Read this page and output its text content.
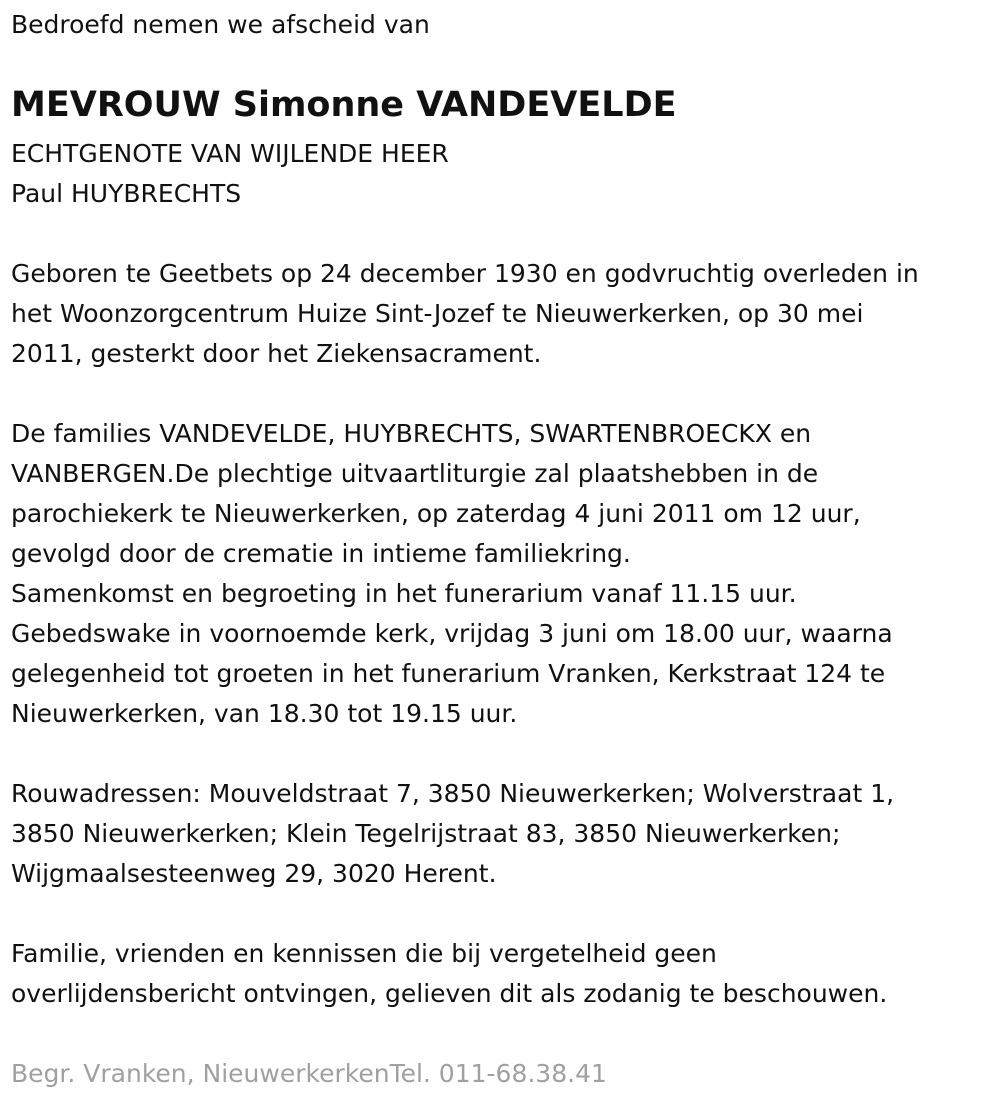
Bedroefd nemen we afscheid van
MEVROUW Simonne VANDEVELDE
ECHTGENOTE VAN WIJLENDE HEER
Paul HUYBRECHTS
Geboren te Geetbets op 24 december 1930 en godvruchtig overleden in
het Woonzorgcentrum Huize Sint-Jozef te Nieuwerkerken, op 30 mei
2011, gesterkt door het Ziekensacrament.
De families VANDEVELDE, HUYBRECHTS, SWARTENBROECKX en
VANBERGEN.De plechtige uitvaartliturgie zal plaatshebben in de
parochiekerk te Nieuwerkerken, op zaterdag 4 juni 2011 om 12 uur,
gevolgd door de crematie in intieme familiekring.
Samenkomst en begroeting in het funerarium vanaf 11.15 uur.
Gebedswake in voornoemde kerk, vrijdag 3 juni om 18.00 uur, waarna
gelegenheid tot groeten in het funerarium Vranken, Kerkstraat 124 te
Nieuwerkerken, van 18.30 tot 19.15 uur.
Rouwadressen: Mouveldstraat 7, 3850 Nieuwerkerken; Wolverstraat 1,
3850 Nieuwerkerken; Klein Tegelrijstraat 83, 3850 Nieuwerkerken;
Wijgmaalsesteenweg 29, 3020 Herent.
Familie, vrienden en kennissen die bij vergetelheid geen
overlijdensbericht ontvingen, gelieven dit als zodanig te beschouwen.
Begr. Vranken, NieuwerkerkenTel. 011-68.38.41
